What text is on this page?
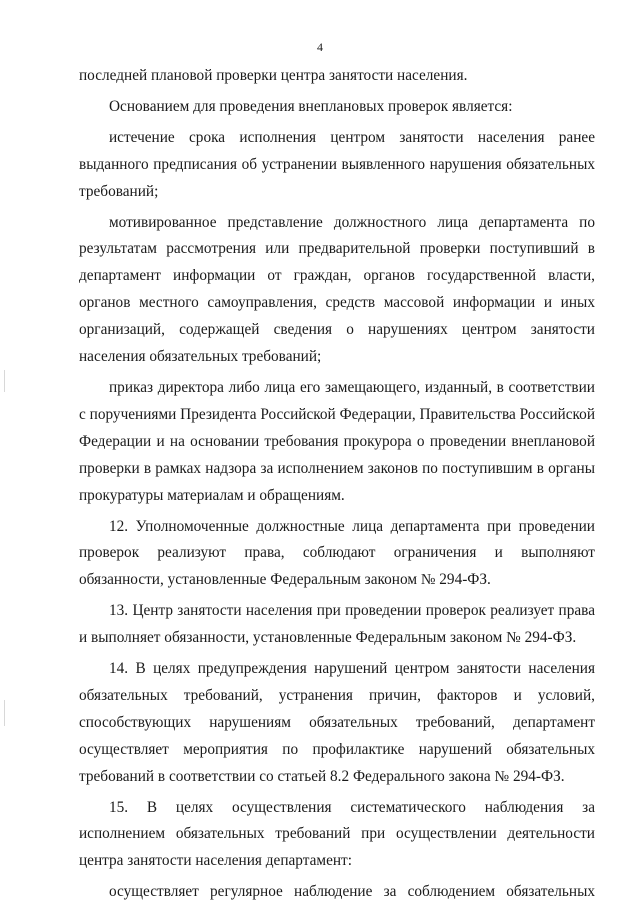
4

последней плановой проверки центра занятости населения.

Основанием для проведения внеплановых проверок является:

истечение срока исполнения центром занятости населения ранее выданного предписания об устранении выявленного нарушения обязательных требований;

мотивированное представление должностного лица департамента по результатам рассмотрения или предварительной проверки поступивший в департамент информации от граждан, органов государственной власти, органов местного самоуправления, средств массовой информации и иных организаций, содержащей сведения о нарушениях центром занятости населения обязательных требований;

приказ директора либо лица его замещающего, изданный, в соответствии с поручениями Президента Российской Федерации, Правительства Российской Федерации и на основании требования прокурора о проведении внеплановой проверки в рамках надзора за исполнением законов по поступившим в органы прокуратуры материалам и обращениям.

12. Уполномоченные должностные лица департамента при проведении проверок реализуют права, соблюдают ограничения и выполняют обязанности, установленные Федеральным законом № 294-ФЗ.

13. Центр занятости населения при проведении проверок реализует права и выполняет обязанности, установленные Федеральным законом № 294-ФЗ.

14. В целях предупреждения нарушений центром занятости населения обязательных требований, устранения причин, факторов и условий, способствующих нарушениям обязательных требований, департамент осуществляет мероприятия по профилактике нарушений обязательных требований в соответствии со статьей 8.2 Федерального закона № 294-ФЗ.

15. В целях осуществления систематического наблюдения за исполнением обязательных требований при осуществлении деятельности центра занятости населения департамент:

осуществляет регулярное наблюдение за соблюдением обязательных
